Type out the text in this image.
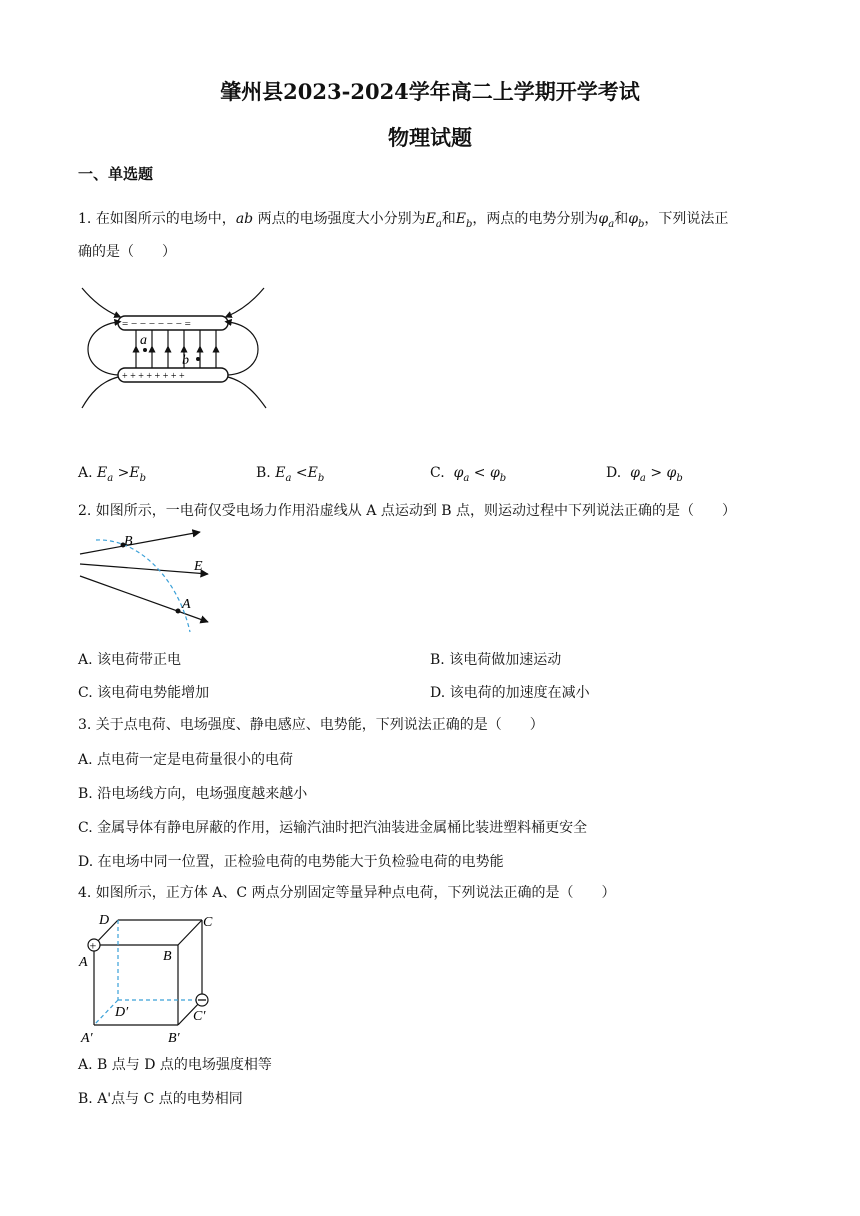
肇州县2023-2024学年高二上学期开学考试
物理试题
一、单选题
1. 在如图所示的电场中，ab 两点的电场强度大小分别为$E_a$和$E_b$，两点的电势分别为$\varphi_a$和$\varphi_b$，下列说法正
确的是（　　）
= − − − − − − =
+ + + + + + + +
a
b
A. $E_a >E_b$	B. $E_a <E_b$	C. $\varphi_a < \varphi_b$	D. $\varphi_a > \varphi_b$
2. 如图所示，一电荷仅受电场力作用沿虚线从 A 点运动到 B 点，则运动过程中下列说法正确的是（　　）
B
E
A
A. 该电荷带正电	B. 该电荷做加速运动
C. 该电荷电势能增加	D. 该电荷的加速度在减小
3. 关于点电荷、电场强度、静电感应、电势能，下列说法正确的是（　　）
A. 点电荷一定是电荷量很小的电荷
B. 沿电场线方向，电场强度越来越小
C. 金属导体有静电屏蔽的作用，运输汽油时把汽油装进金属桶比装进塑料桶更安全
D. 在电场中同一位置，正检验电荷的电势能大于负检验电荷的电势能
4. 如图所示，正方体 A、C 两点分别固定等量异种点电荷，下列说法正确的是（　　）
+
D	C
A	B
D′	C′
A′	B′
A. B 点与 D 点的电场强度相等
B. A'点与 C 点的电势相同
